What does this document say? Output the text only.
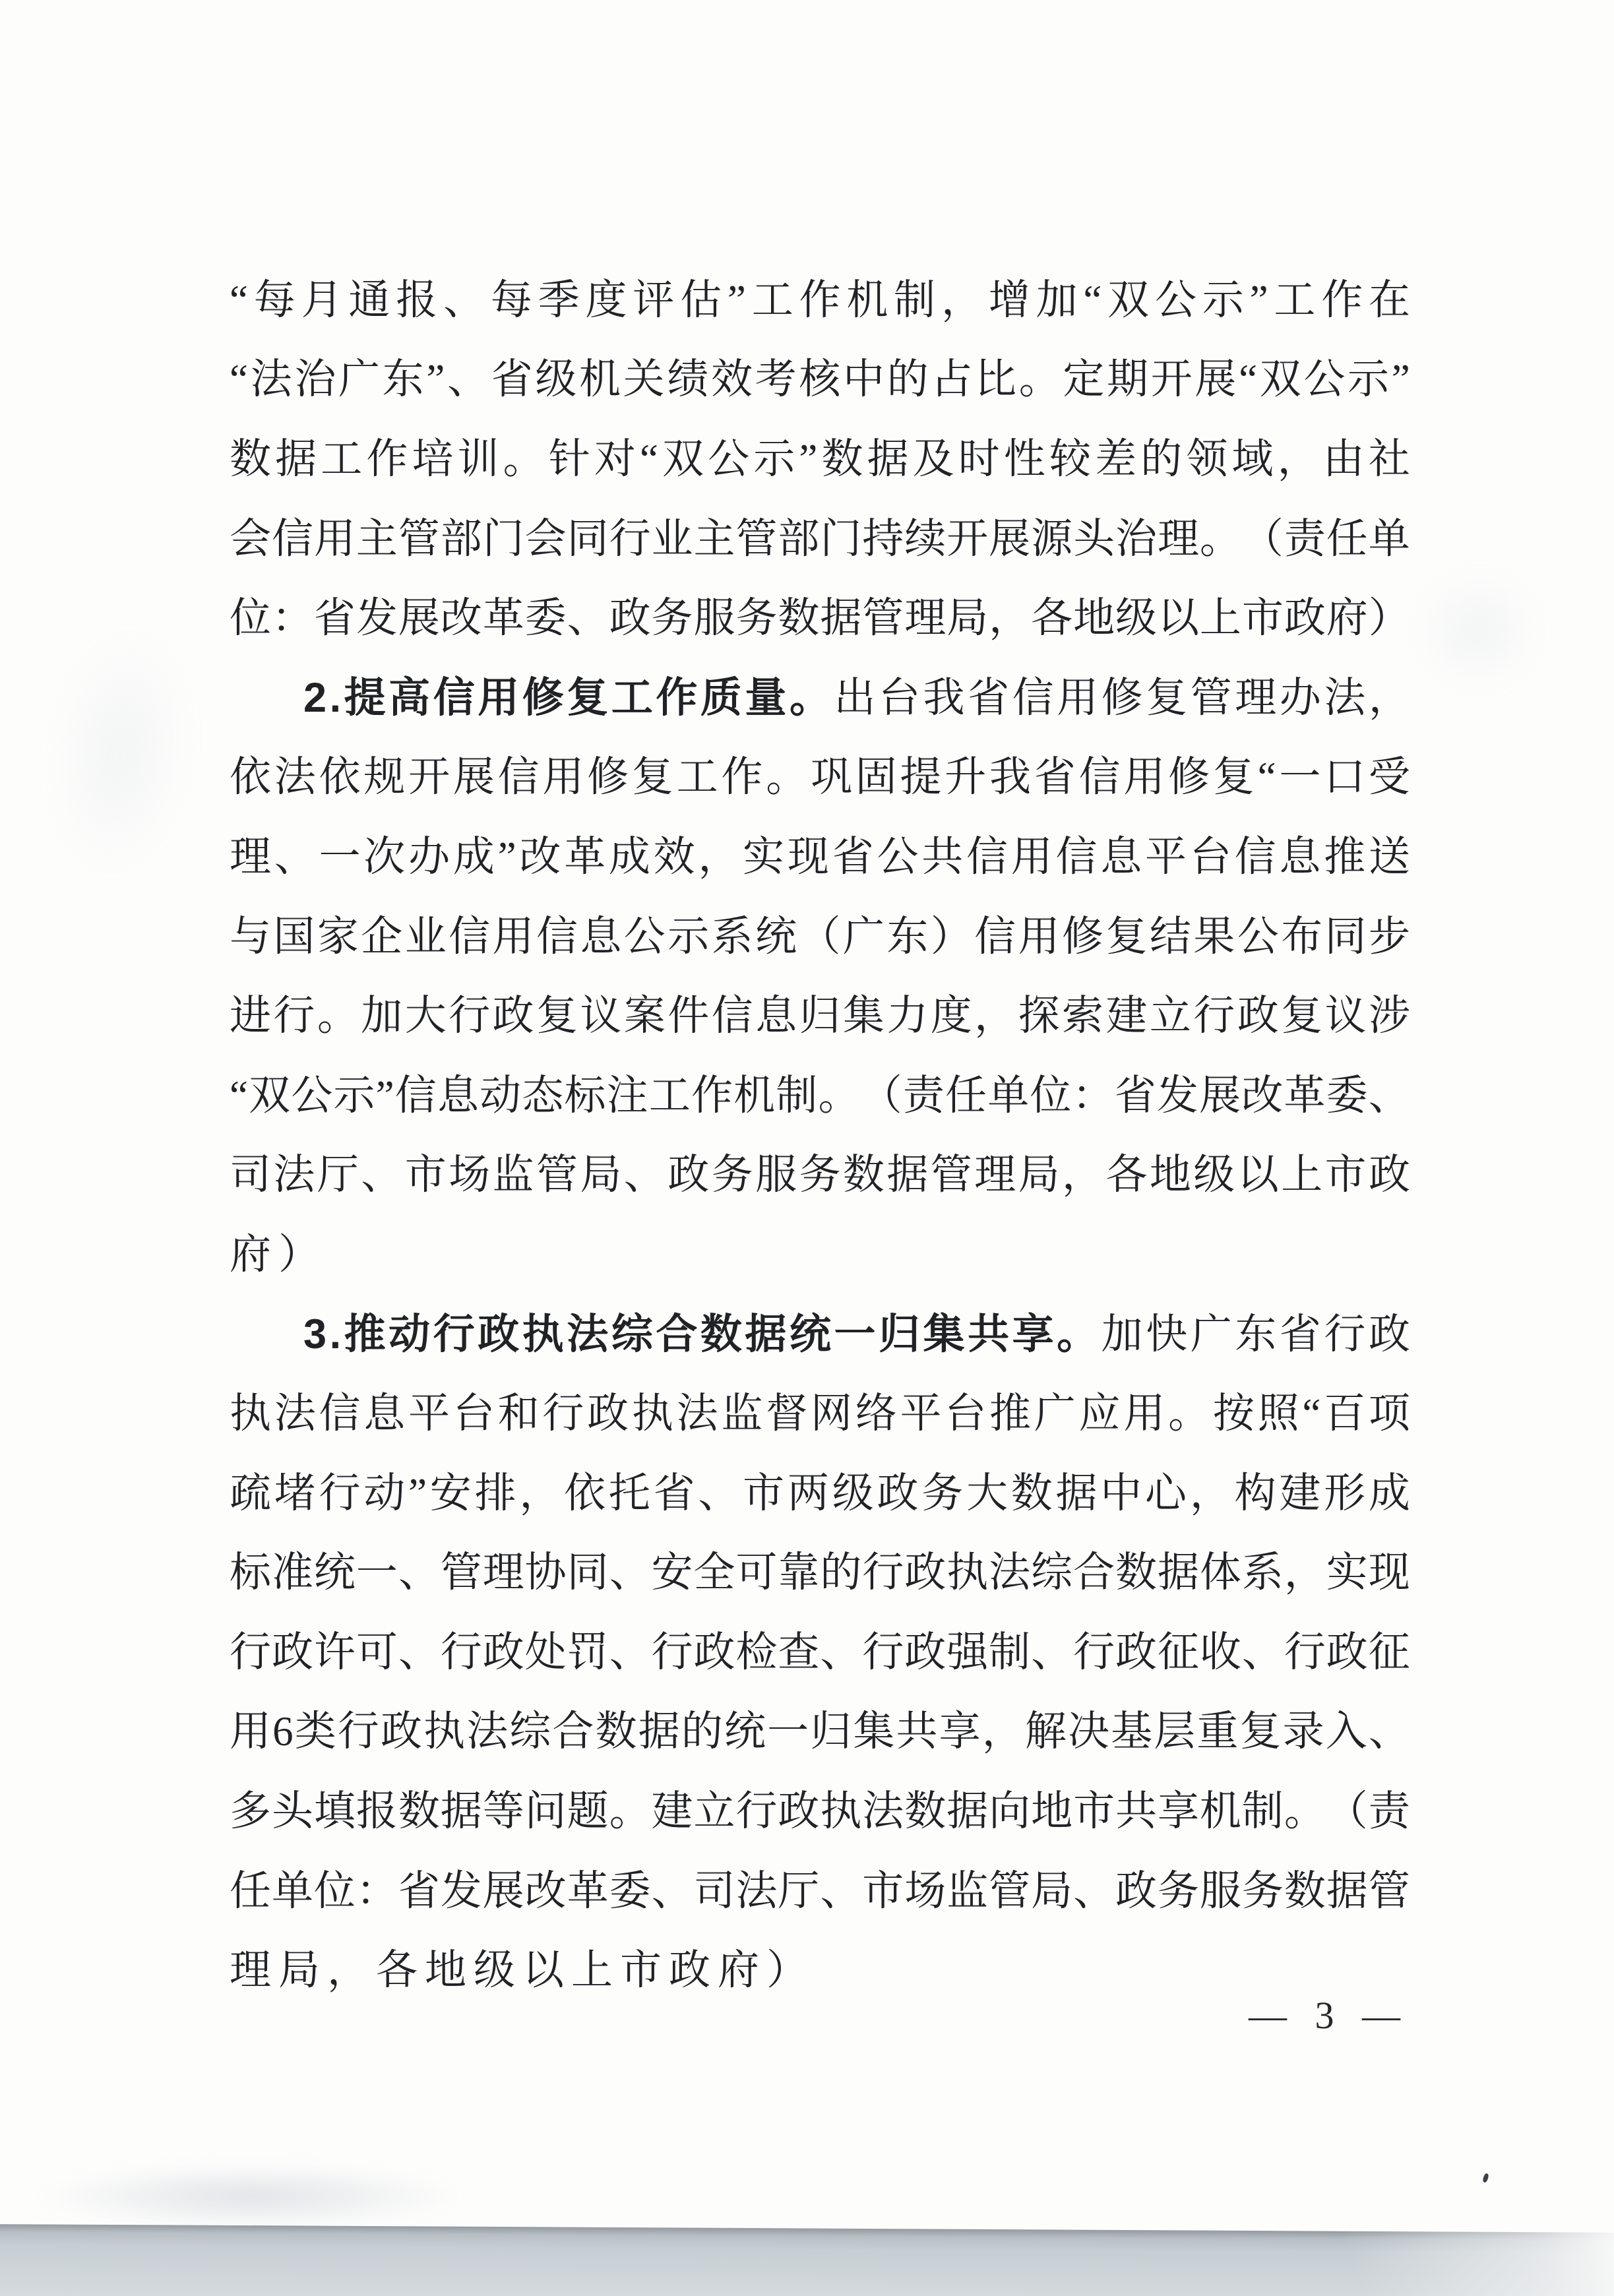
“ 每 月 通 报 、 每 季 度 评 估 ” 工 作 机 制 ， 增 加 “ 双 公 示 ” 工 作 在
“ 法 治 广 东 ” 、 省 级 机 关 绩 效 考 核 中 的 占 比 。 定 期 开 展 “ 双 公 示 ”
数 据 工 作 培 训 。 针 对 “ 双 公 示 ” 数 据 及 时 性 较 差 的 领 域 ， 由 社
会 信 用 主 管 部 门 会 同 行 业 主 管 部 门 持 续 开 展 源 头 治 理 。 （ 责 任 单
位 ： 省 发 展 改 革 委 、 政 务 服 务 数 据 管 理 局 ， 各 地 级 以 上 市 政 府 ）
2 . 提 高 信 用 修 复 工 作 质 量 。 出 台 我 省 信 用 修 复 管 理 办 法 ，
依 法 依 规 开 展 信 用 修 复 工 作 。 巩 固 提 升 我 省 信 用 修 复 “ 一 口 受
理 、 一 次 办 成 ” 改 革 成 效 ， 实 现 省 公 共 信 用 信 息 平 台 信 息 推 送
与 国 家 企 业 信 用 信 息 公 示 系 统 （ 广 东 ） 信 用 修 复 结 果 公 布 同 步
进 行 。 加 大 行 政 复 议 案 件 信 息 归 集 力 度 ， 探 索 建 立 行 政 复 议 涉
“ 双 公 示 ” 信 息 动 态 标 注 工 作 机 制 。 （ 责 任 单 位 ： 省 发 展 改 革 委 、
司 法 厅 、 市 场 监 管 局 、 政 务 服 务 数 据 管 理 局 ， 各 地 级 以 上 市 政
府 ）
3 . 推 动 行 政 执 法 综 合 数 据 统 一 归 集 共 享 。 加 快 广 东 省 行 政
执 法 信 息 平 台 和 行 政 执 法 监 督 网 络 平 台 推 广 应 用 。 按 照 “ 百 项
疏 堵 行 动 ” 安 排 ， 依 托 省 、 市 两 级 政 务 大 数 据 中 心 ， 构 建 形 成
标 准 统 一 、 管 理 协 同 、 安 全 可 靠 的 行 政 执 法 综 合 数 据 体 系 ， 实 现
行 政 许 可 、 行 政 处 罚 、 行 政 检 查 、 行 政 强 制 、 行 政 征 收 、 行 政 征
用 6 类 行 政 执 法 综 合 数 据 的 统 一 归 集 共 享 ， 解 决 基 层 重 复 录 入 、
多 头 填 报 数 据 等 问 题 。 建 立 行 政 执 法 数 据 向 地 市 共 享 机 制 。 （ 责
任 单 位 ： 省 发 展 改 革 委 、 司 法 厅 、 市 场 监 管 局 、 政 务 服 务 数 据 管
理 局 ， 各 地 级 以 上 市 政 府 ）
— 3 —
